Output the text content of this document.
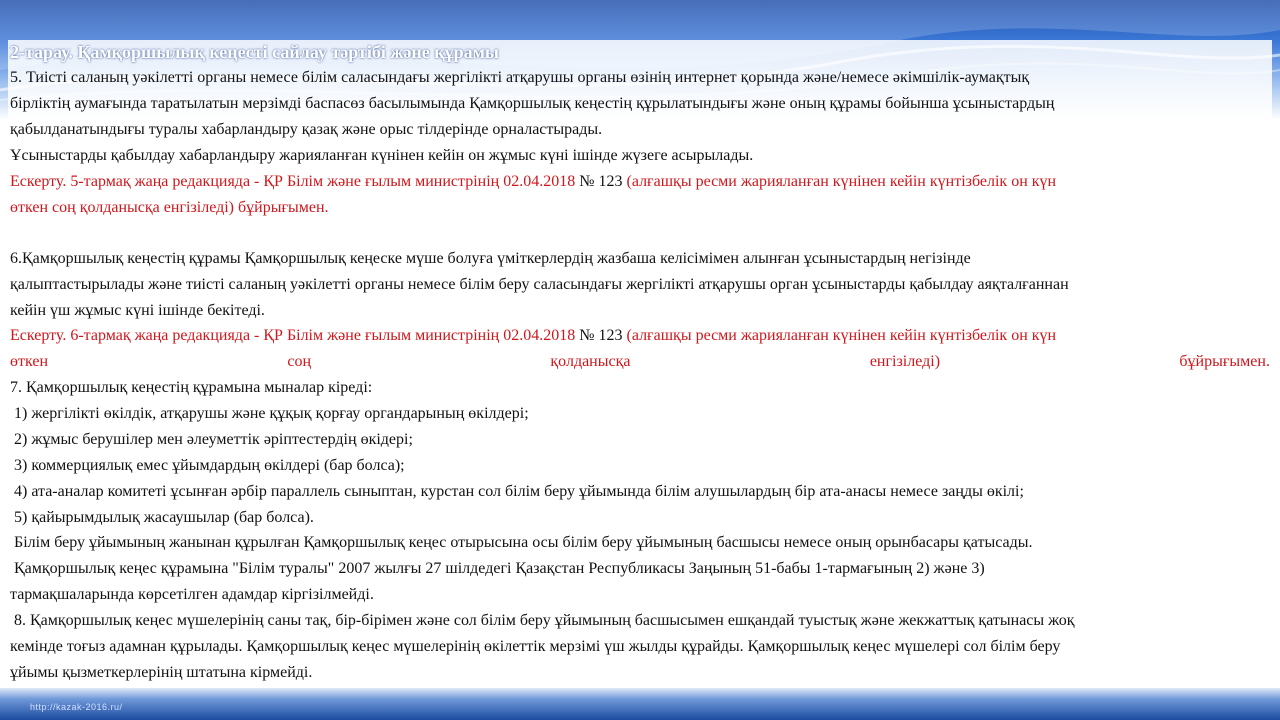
http://kazak-2016.ru/
2-тарау. Қамқоршылық кеңесті сайлау тәртібі және құрамы
5. Тиісті саланың уәкілетті органы немесе білім саласындағы жергілікті атқарушы органы өзінің интернет қорында және/немесе әкімшілік-аумақтық
бірліктің аумағында таратылатын мерзімді баспасөз басылымында Қамқоршылық кеңестің құрылатындығы және оның құрамы бойынша ұсыныстардың
қабылданатындығы туралы хабарландыру қазақ және орыс тілдерінде орналастырады.
Ұсыныстарды қабылдау хабарландыру жарияланған күнінен кейін он жұмыс күні ішінде жүзеге асырылады.
Ескерту. 5-тармақ жаңа редакцияда - ҚР Білім және ғылым министрінің 02.04.2018 № 123 (алғашқы ресми жарияланған күнінен кейін күнтізбелік он күн
өткен соң қолданысқа енгізіледі) бұйрығымен.
6.Қамқоршылық кеңестің құрамы Қамқоршылық кеңеске мүше болуға үміткерлердің жазбаша келісімімен алынған ұсыныстардың негізінде
қалыптастырылады және тиісті саланың уәкілетті органы немесе білім беру саласындағы жергілікті атқарушы орган ұсыныстарды қабылдау аяқталғаннан
кейін үш жұмыс күні ішінде бекітеді.
Ескерту. 6-тармақ жаңа редакцияда - ҚР Білім және ғылым министрінің 02.04.2018 № 123 (алғашқы ресми жарияланған күнінен кейін күнтізбелік он күн
өткен	соң	қолданысқа	енгізіледі)	бұйрығымен.
7. Қамқоршылық кеңестің құрамына мыналар кіреді:
1) жергілікті өкілдік, атқарушы және құқық қорғау органдарының өкілдері;
2) жұмыс берушілер мен әлеуметтік әріптестердің өкідері;
3) коммерциялық емес ұйымдардың өкілдері (бар болса);
4) ата-аналар комитеті ұсынған әрбір параллель сыныптан, курстан сол білім беру ұйымында білім алушылардың бір ата-анасы немесе заңды өкілі;
5) қайырымдылық жасаушылар (бар болса).
Білім беру ұйымының жанынан құрылған Қамқоршылық кеңес отырысына осы білім беру ұйымының басшысы немесе оның орынбасары қатысады.
Қамқоршылық кеңес құрамына "Білім туралы" 2007 жылғы 27 шілдедегі Қазақстан Республикасы Заңының 51-бабы 1-тармағының 2) және 3)
тармақшаларында көрсетілген адамдар кіргізілмейді.
8. Қамқоршылық кеңес мүшелерінің саны тақ, бір-бірімен және сол білім беру ұйымының басшысымен ешқандай туыстық және жекжаттық қатынасы жоқ
кемінде тоғыз адамнан құрылады. Қамқоршылық кеңес мүшелерінің өкілеттік мерзімі үш жылды құрайды. Қамқоршылық кеңес мүшелері сол білім беру
ұйымы қызметкерлерінің штатына кірмейді.
